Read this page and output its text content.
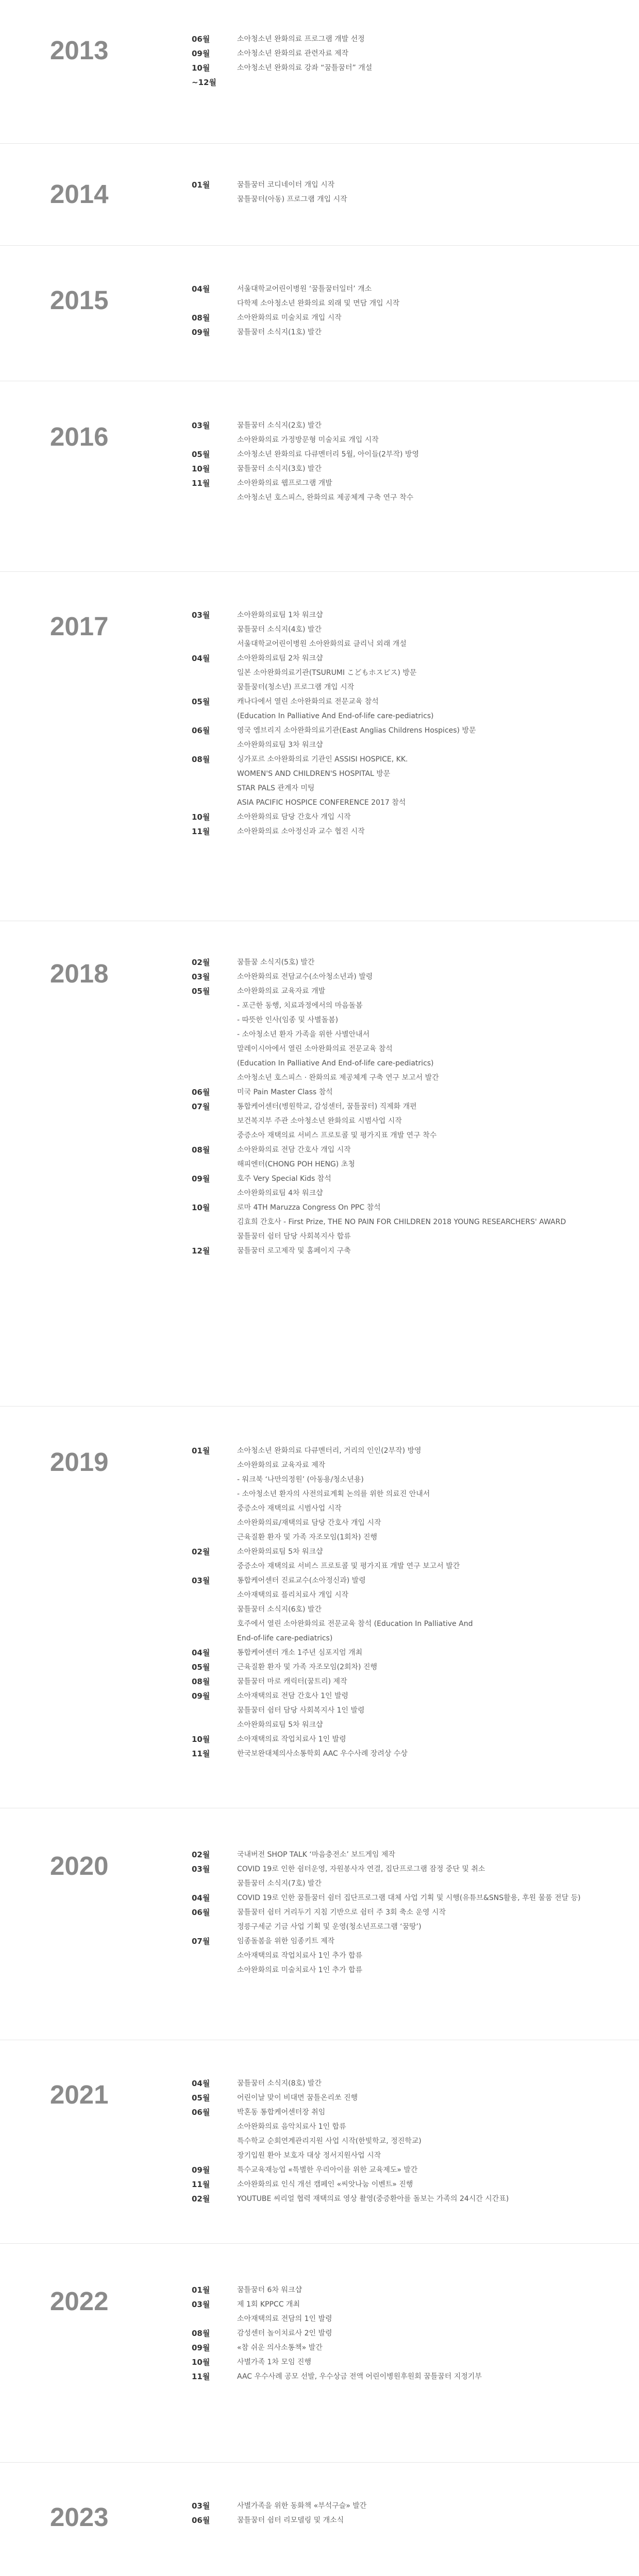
2013	06월	소아청소년 완화의료 프로그램 개발 선정
09월	소아청소년 완화의료 관련자료 제작
10월	소아청소년 완화의료 강좌 “꿈틀꿈터” 개설
~12월
2014	01월	꿈틀꿈터 코디네이터 개입 시작
꿈틀꿈터(아동) 프로그램 개입 시작
2015	04월	서울대학교어린이병원 ‘꿈틀꿈터일터’ 개소
다학제 소아청소년 완화의료 외래 및 면담 개입 시작
08월	소아완화의료 미술치료 개입 시작
09월	꿈틀꿈터 소식지(1호) 발간
2016	03월	꿈틀꿈터 소식지(2호) 발간
소아완화의료 가정방문형 미술치료 개입 시작
05월	소아청소년 완화의료 다큐멘터리 5월, 아이들(2부작) 방영
10월	꿈틀꿈터 소식지(3호) 발간
11월	소아완화의료 웹프로그램 개발
소아청소년 호스피스, 완화의료 제공체계 구축 연구 착수
2017	03월	소아완화의료팀 1차 워크샵
꿈틀꿈터 소식지(4호) 발간
서울대학교어린이병원 소아완화의료 클리닉 외래 개설
04월	소아완화의료팀 2차 워크샵
일본 소아완화의료기관(TSURUMI こどもホスピス) 방문
꿈틀꿈터(청소년) 프로그램 개입 시작
05월	캐나다에서 열린 소아완화의료 전문교육 참석
(Education In Palliative And End-of-life care-pediatrics)
06월	영국 엠브리지 소아완화의료기관(East Anglias Childrens Hospices) 방문
소아완화의료팀 3차 워크샵
08월	싱가포르 소아완화의료 기관인 ASSISI HOSPICE, KK.
WOMEN'S AND CHILDREN'S HOSPITAL 방문
STAR PALS 관계자 미팅
ASIA PACIFIC HOSPICE CONFERENCE 2017 참석
10월	소아완화의료 담당 간호사 개입 시작
11월	소아완화의료 소아정신과 교수 협진 시작
2018	02월	꿈틀꿈 소식지(5호) 발간
03월	소아완화의료 전담교수(소아청소년과) 발령
05월	소아완화의료 교육자료 개발
- 포근한 동행, 치료과정에서의 마음돌봄
- 따뜻한 인사(임종 및 사별돌봄)
- 소아청소년 환자 가족을 위한 사별안내서
말레이시아에서 열린 소아완화의료 전문교육 참석
(Education In Palliative And End-of-life care-pediatrics)
소아청소년 호스피스 · 완화의료 제공체계 구축 연구 보고서 발간
06월	미국 Pain Master Class 참석
07월	통합케어센터(병원학교, 감성센터, 꿈틀꿈터) 직제화 개편
보건복지부 주관 소아청소년 완화의료 시범사업 시작
중증소아 재택의료 서비스 프로토콜 및 평가지표 개발 연구 착수
08월	소아완화의료 전담 간호사 개입 시작
해피엔터(CHONG POH HENG) 초청
09월	호주 Very Special Kids 참석
소아완화의료팀 4차 워크샵
10월	로마 4TH Maruzza Congress On PPC 참석
김효희 간호사 - First Prize, THE NO PAIN FOR CHILDREN 2018 YOUNG RESEARCHERS' AWARD
꿈틀꿈터 쉼터 담당 사회복지사 합류
12월	꿈틀꿈터 로고제작 및 홈페이지 구축
2019	01월	소아청소년 완화의료 다큐멘터리, 거리의 인인(2부작) 방영
소아완화의료 교육자료 제작
- 워크북 ‘나만의정원’ (아동용/청소년용)
- 소아청소년 환자의 사전의료계획 논의를 위한 의료진 안내서
중증소아 재택의료 시범사업 시작
소아완화의료/재택의료 담당 간호사 개입 시작
근육질환 환자 및 가족 자조모임(1회차) 진행
02월	소아완화의료팀 5차 워크샵
중증소아 재택의료 서비스 프로토콜 및 평가지표 개발 연구 보고서 발간
03월	통합케어센터 진료교수(소아정신과) 발령
소아재택의료 플리치료사 개입 시작
꿈틀꿈터 소식지(6호) 발간
호주에서 열린 소아완화의료 전문교육 참석 (Education In Palliative And
End-of-life care-pediatrics)
04월	통합케어센터 개소 1주년 심포지엄 개최
05월	근육질환 환자 및 가족 자조모임(2회차) 진행
08월	꿈틀꿈터 마로 캐릭터(꿈트리) 제작
09월	소아재택의료 전담 간호사 1인 발령
꿈틀꿈터 쉼터 담당 사회복지사 1인 발령
소아완화의료팀 5차 워크샵
10월	소아재택의료 작업치료사 1인 발령
11월	한국보완대체의사소통학회 AAC 우수사례 장려상 수상
2020	02월	국내버전 SHOP TALK ‘마음충전소’ 보드게임 제작
03월	COVID 19로 인한 쉼터운영, 자원봉사자 연결, 집단프로그램 잠정 중단 및 취소
꿈틀꿈터 소식지(7호) 발간
04월	COVID 19로 인한 꿈틀꿈터 쉼터 집단프로그램 대체 사업 기획 및 시행(유튜브&SNS활용, 후원 물품 전달 등)
06월	꿈틀꿈터 쉼터 거리두기 지침 기반으로 쉼터 주 3회 축소 운영 시작
정릉구세군 기금 사업 기획 및 운영(청소년프로그램 ‘꿈땅’)
07월	임종돌봄을 위한 임종키트 제작
소아재택의료 작업치료사 1인 추가 합류
소아완화의료 미술치료사 1인 추가 합류
2021	04월	꿈틀꿈터 소식지(8호) 발간
05월	어린이날 맞이 비대면 꿈틀온리쏘 진행
06월	박혼동 통합케어센터장 취임
소아완화의료 음악치료사 1인 합류
특수학교 순회연계관리지원 사업 시작(한빛학교, 정진학교)
장기입원 환아 보호자 대상 정서지원사업 시작
09월	특수교육재능업 «특별한 우리아이를 위한 교육제도» 발간
11월	소아완화의료 인식 개선 캠페인 «씨앗나눔 이벤트» 진행
02월	YOUTUBE 씨리얼 협력 재택의료 영상 촬영(중증환아를 돌보는 가족의 24시간 시간표)
2022	01월	꿈틀꿈터 6차 워크샵
03월	제 1회 KPPCC 개최
소아재택의료 전담의 1인 발령
08월	감성센터 놀이치료사 2인 발령
09월	«참 쉬운 의사소통책» 발간
10월	사별가족 1차 모임 진행
11월	AAC 우수사례 공모 선발, 우수상금 전액 어린이병원후원회 꿈틀꿈터 지정기부
2023	03월	사별가족을 위한 동화책 «부석구슬» 발간
06월	꿈틀꿈터 쉼터 리모델링 및 개소식
